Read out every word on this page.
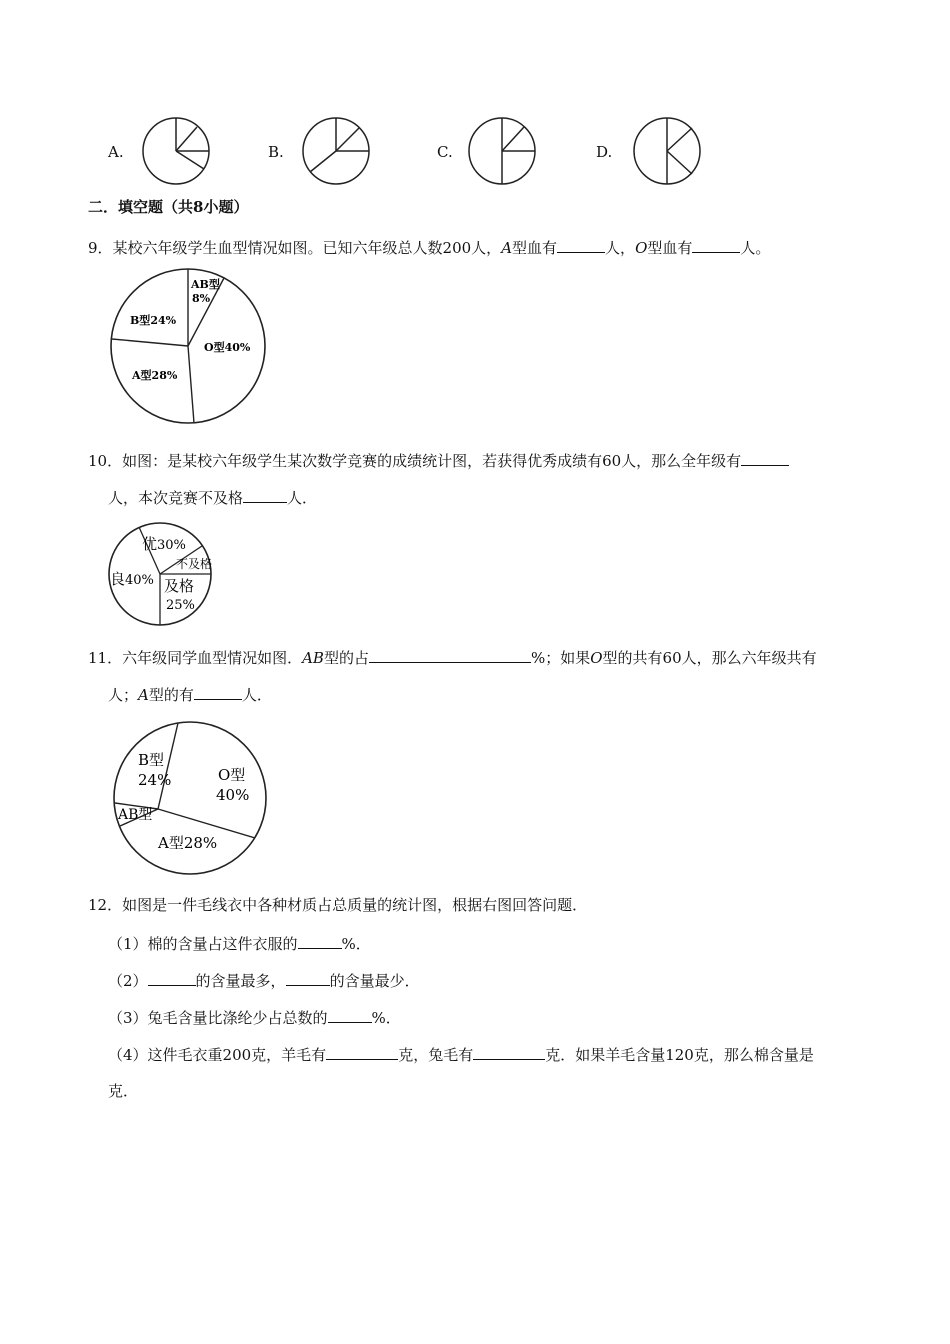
A.	B.	C.	D.
二．填空题（共8小题）
9．某校六年级学生血型情况如图。已知六年级总人数200人，A型血有	人，O型血有	人。
AB型
8%
B型24%
O型40%
A型28%
10．如图：是某校六年级学生某次数学竞赛的成绩统计图，若获得优秀成绩有60人，那么全年级有
人，本次竞赛不及格	人．
优30%
不及格
良40% 及格
25%
11．六年级同学血型情况如图．AB型的占	%；如果O型的共有60人，那么六年级共有
人；A型的有	人．
B型
24%	O型
40%
AB型
A型28%
12．如图是一件毛线衣中各种材质占总质量的统计图，根据右图回答问题．
（1）棉的含量占这件衣服的	%．
（2）	的含量最多，	的含量最少．
（3）兔毛含量比涤纶少占总数的	%．
（4）这件毛衣重200克，羊毛有	克，兔毛有	克．如果羊毛含量120克，那么棉含量是
克．
